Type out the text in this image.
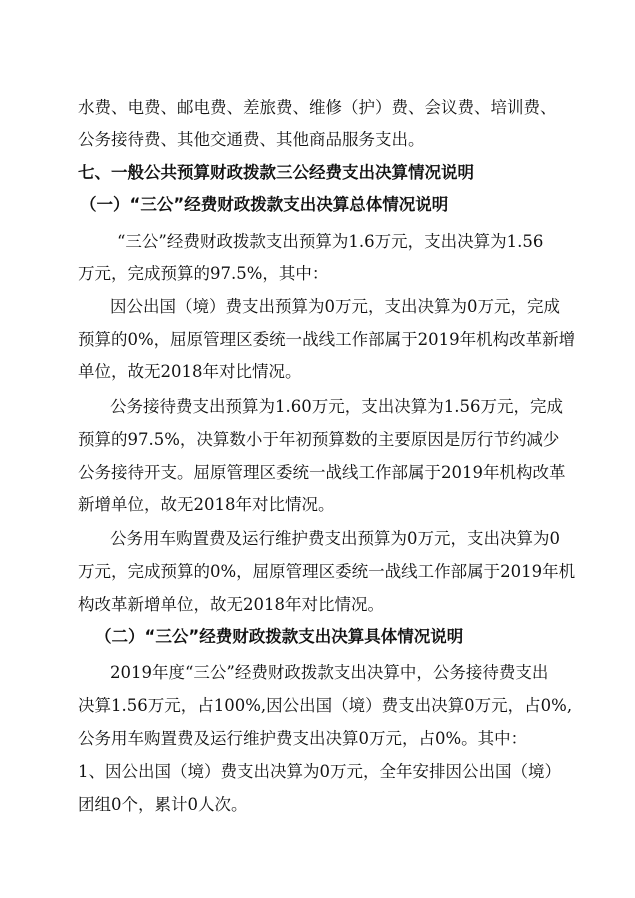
水费、电费、邮电费、差旅费、维修（护）费、会议费、培训费、
公务接待费、其他交通费、其他商品服务支出。
七、一般公共预算财政拨款三公经费支出决算情况说明
（一）“三公”经费财政拨款支出决算总体情况说明
“三公”经费财政拨款支出预算为1.6万元，支出决算为1.56
万元，完成预算的97.5%，其中：
因公出国（境）费支出预算为0万元，支出决算为0万元，完成
预算的0%，屈原管理区委统一战线工作部属于2019年机构改革新增
单位，故无2018年对比情况。
公务接待费支出预算为1.60万元，支出决算为1.56万元，完成
预算的97.5%，决算数小于年初预算数的主要原因是厉行节约减少
公务接待开支。屈原管理区委统一战线工作部属于2019年机构改革
新增单位，故无2018年对比情况。
公务用车购置费及运行维护费支出预算为0万元，支出决算为0
万元，完成预算的0%，屈原管理区委统一战线工作部属于2019年机
构改革新增单位，故无2018年对比情况。
（二）“三公”经费财政拨款支出决算具体情况说明
2019年度“三公”经费财政拨款支出决算中，公务接待费支出
决算1.56万元，占100%,因公出国（境）费支出决算0万元，占0%,
公务用车购置费及运行维护费支出决算0万元，占0%。其中：
1、因公出国（境）费支出决算为0万元，全年安排因公出国（境）
团组0个，累计0人次。
